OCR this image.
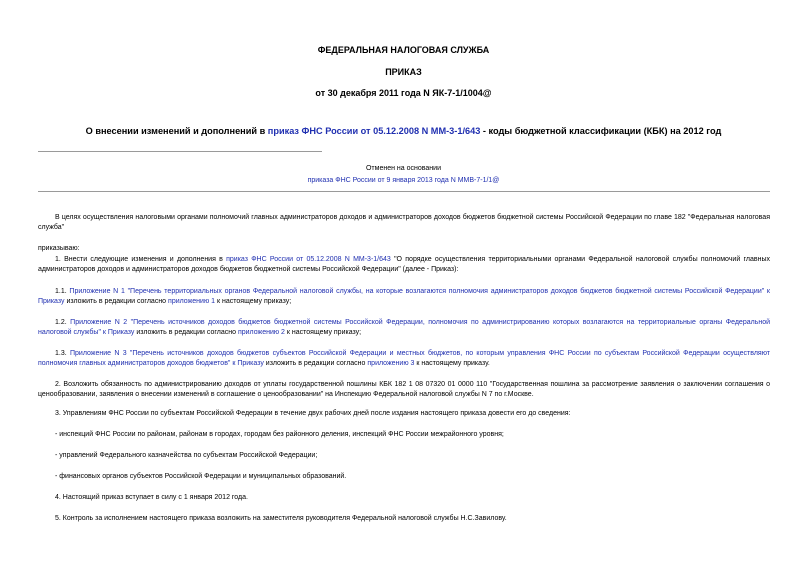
ФЕДЕРАЛЬНАЯ НАЛОГОВАЯ СЛУЖБА
ПРИКАЗ
от 30 декабря 2011 года N ЯК-7-1/1004@
О внесении изменений и дополнений в приказ ФНС России от 05.12.2008 N ММ-3-1/643 - коды бюджетной классификации (КБК) на 2012 год
Отменен на основании
приказа ФНС России от 9 января 2013 года N ММВ-7-1/1@
В целях осуществления налоговыми органами полномочий главных администраторов доходов и администраторов доходов бюджетов бюджетной системы Российской Федерации по главе 182 "Федеральная налоговая служба"
приказываю:
1. Внести следующие изменения и дополнения в приказ ФНС России от 05.12.2008 N ММ-3-1/643 "О порядке осуществления территориальными органами Федеральной налоговой службы полномочий главных администраторов доходов и администраторов доходов бюджетов бюджетной системы Российской Федерации" (далее - Приказ):
1.1. Приложение N 1 "Перечень территориальных органов Федеральной налоговой службы, на которые возлагаются полномочия администраторов доходов бюджетов бюджетной системы Российской Федерации" к Приказу изложить в редакции согласно приложению 1 к настоящему приказу;
1.2. Приложение N 2 "Перечень источников доходов бюджетов бюджетной системы Российской Федерации, полномочия по администрированию которых возлагаются на территориальные органы Федеральной налоговой службы" к Приказу изложить в редакции согласно приложению 2 к настоящему приказу;
1.3. Приложение N 3 "Перечень источников доходов бюджетов субъектов Российской Федерации и местных бюджетов, по которым управления ФНС России по субъектам Российской Федерации осуществляют полномочия главных администраторов доходов бюджетов" к Приказу изложить в редакции согласно приложению 3 к настоящему приказу.
2. Возложить обязанность по администрированию доходов от уплаты государственной пошлины КБК 182 1 08 07320 01 0000 110 "Государственная пошлина за рассмотрение заявления о заключении соглашения о ценообразовании, заявления о внесении изменений в соглашение о ценообразовании" на Инспекцию Федеральной налоговой службы N 7 по г.Москве.
3. Управлениям ФНС России по субъектам Российской Федерации в течение двух рабочих дней после издания настоящего приказа довести его до сведения:
- инспекций ФНС России по районам, районам в городах, городам без районного деления, инспекций ФНС России межрайонного уровня;
- управлений Федерального казначейства по субъектам Российской Федерации;
- финансовых органов субъектов Российской Федерации и муниципальных образований.
4. Настоящий приказ вступает в силу с 1 января 2012 года.
5. Контроль за исполнением настоящего приказа возложить на заместителя руководителя Федеральной налоговой службы Н.С.Завилову.
